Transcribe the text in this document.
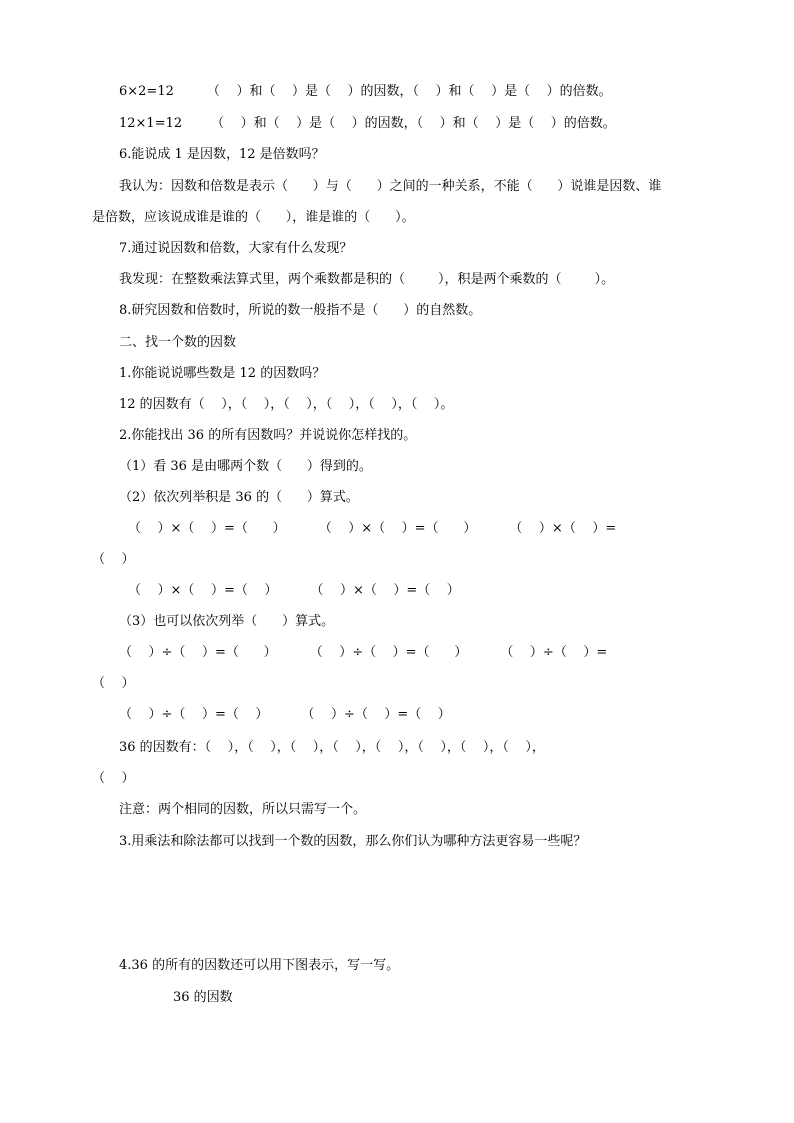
6×2=12        （    ）和（    ）是（    ）的因数，（    ）和（    ）是（    ）的倍数。
12×1=12       （    ）和（    ）是（    ）的因数，（    ）和（    ）是（    ）的倍数。
6.能说成 1 是因数，12 是倍数吗？
我认为：因数和倍数是表示（      ）与（      ）之间的一种关系，不能（      ）说谁是因数、谁
是倍数，应该说成谁是谁的（      ），谁是谁的（      ）。
7.通过说因数和倍数，大家有什么发现？
我发现：在整数乘法算式里，两个乘数都是积的（        ），积是两个乘数的（        ）。
8.研究因数和倍数时，所说的数一般指不是（      ）的自然数。
二、找一个数的因数
1.你能说说哪些数是 12 的因数吗？
12 的因数有（    ），（    ），（    ），（    ），（    ），（    ）。
2.你能找出 36 的所有因数吗？并说说你怎样找的。
（1）看 36 是由哪两个数（      ）得到的。
（2）依次列举积是 36 的（      ）算式。
（    ）×（    ）=（      ）        （    ）×（    ）=（      ）        （    ）×（    ）=
（    ）
（    ）×（    ）=（    ）        （    ）×（    ）=（    ）
（3）也可以依次列举（      ）算式。
（    ）÷（    ）=（      ）        （    ）÷（    ）=（      ）        （    ）÷（    ）=
（    ）
（    ）÷（    ）=（    ）        （    ）÷（    ）=（    ）
36 的因数有：（    ），（    ），（    ），（    ），（    ），（    ），（    ），（    ），
（    ）
注意：两个相同的因数，所以只需写一个。
3.用乘法和除法都可以找到一个数的因数，那么你们认为哪种方法更容易一些呢？
4.36 的所有的因数还可以用下图表示，写一写。
36 的因数
